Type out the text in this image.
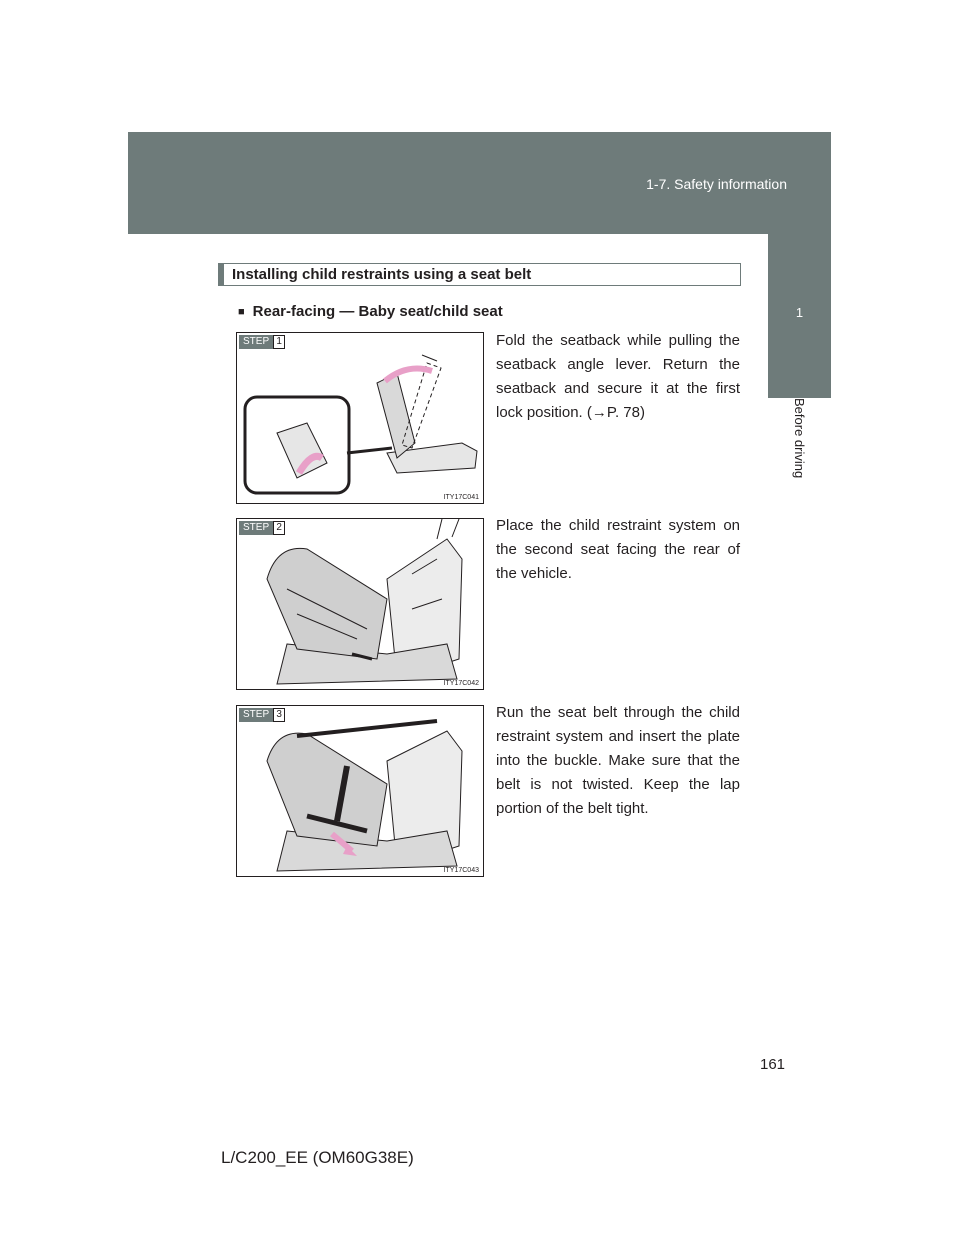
1-7. Safety information
1
Before driving
Installing child restraints using a seat belt
■ Rear-facing — Baby seat/child seat
STEP 1
ITY17C041
Fold the seatback while pulling the seatback angle lever. Return the seatback and secure it at the first lock position. (→P. 78)
STEP 2
ITY17C042
Place the child restraint system on the second seat facing the rear of the vehicle.
STEP 3
ITY17C043
Run the seat belt through the child restraint system and insert the plate into the buckle. Make sure that the belt is not twisted. Keep the lap portion of the belt tight.
161
L/C200_EE (OM60G38E)
